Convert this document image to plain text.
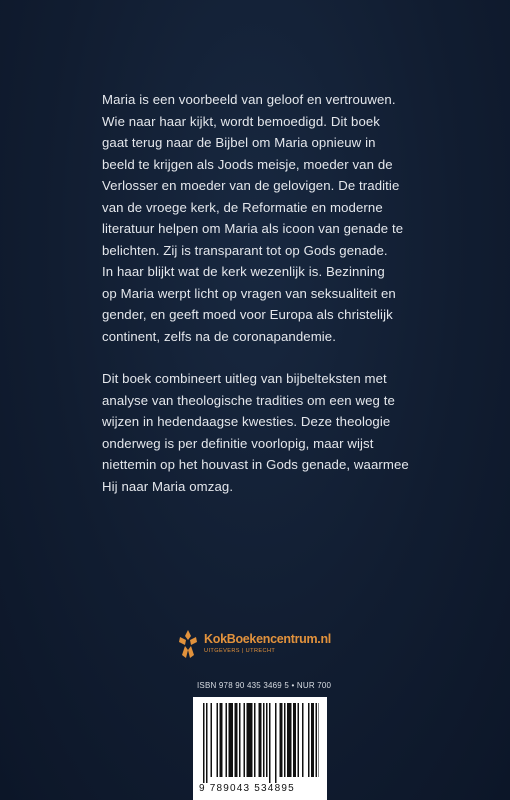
Maria is een voorbeeld van geloof en vertrouwen.
Wie naar haar kijkt, wordt bemoedigd. Dit boek
gaat terug naar de Bijbel om Maria opnieuw in
beeld te krijgen als Joods meisje, moeder van de
Verlosser en moeder van de gelovigen. De traditie
van de vroege kerk, de Reformatie en moderne
literatuur helpen om Maria als icoon van genade te
belichten. Zij is transparant tot op Gods genade.
In haar blijkt wat de kerk wezenlijk is. Bezinning
op Maria werpt licht op vragen van seksualiteit en
gender, en geeft moed voor Europa als christelijk
continent, zelfs na de coronapandemie.

Dit boek combineert uitleg van bijbelteksten met
analyse van theologische tradities om een weg te
wijzen in hedendaagse kwesties. Deze theologie
onderweg is per definitie voorlopig, maar wijst
niettemin op het houvast in Gods genade, waarmee
Hij naar Maria omzag.

KokBoekencentrum.nl
UITGEVERS | UTRECHT
ISBN 978 90 435 3469 5 • NUR 700
9 789043 534895
